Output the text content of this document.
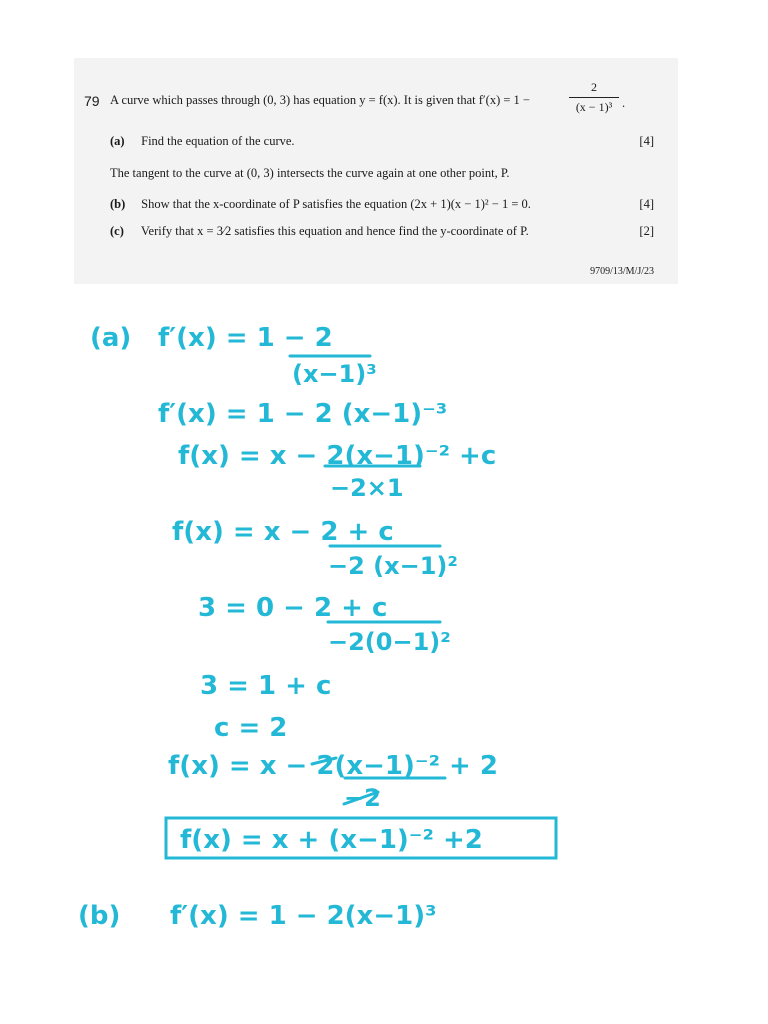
79 A curve which passes through (0, 3) has equation y = f(x). It is given that f′(x) = 1 −
2
(x − 1)³ .
(a) Find the equation of the curve.	[4]
The tangent to the curve at (0, 3) intersects the curve again at one other point, P.
(b) Show that the x-coordinate of P satisfies the equation (2x + 1)(x − 1)² − 1 = 0.	[4]
(c) Verify that x = 3⁄2 satisfies this equation and hence find the y-coordinate of P.	[2]
9709/13/M/J/23
(a) f′(x) = 1 − 2
(x−1)³
f′(x) = 1 − 2 (x−1)⁻³
f(x) = x − 2(x−1)⁻² +c
−2×1
f(x) = x − 2 + c
−2 (x−1)²
3 = 0 − 2 + c
−2(0−1)²
3 = 1 + c
c = 2
f(x) = x − 2(x−1)⁻² + 2
−2
f(x) = x + (x−1)⁻² +2
(b) f′(x) = 1 − 2(x−1)³
